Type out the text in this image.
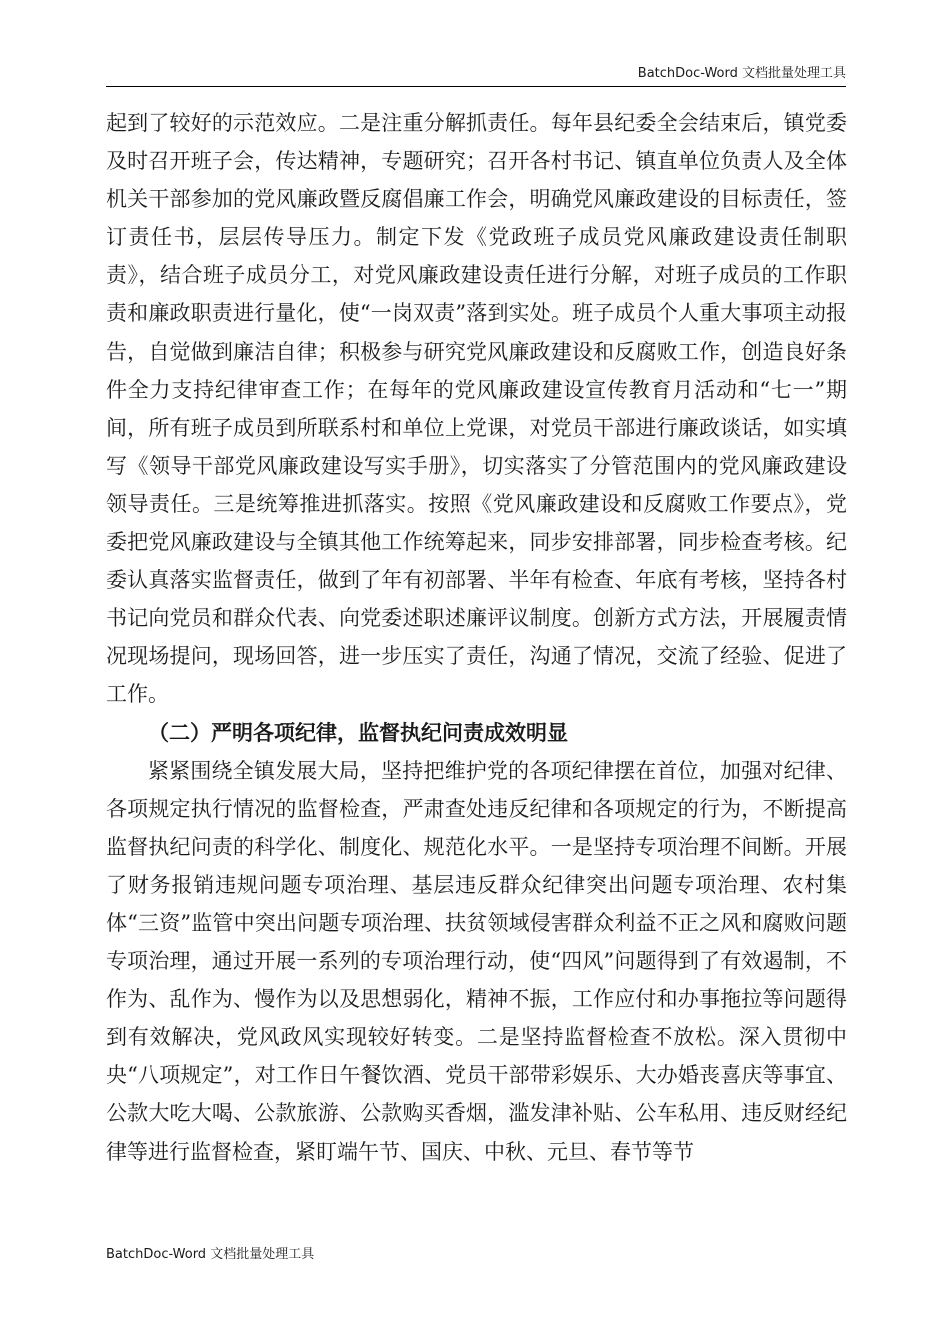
BatchDoc-Word 文档批量处理工具

起到了较好的示范效应。二是注重分解抓责任。每年县纪委全会结束后，镇党委及时召开班子会，传达精神，专题研究；召开各村书记、镇直单位负责人及全体机关干部参加的党风廉政暨反腐倡廉工作会，明确党风廉政建设的目标责任，签订责任书，层层传导压力。制定下发《党政班子成员党风廉政建设责任制职责》，结合班子成员分工，对党风廉政建设责任进行分解，对班子成员的工作职责和廉政职责进行量化，使“一岗双责”落到实处。班子成员个人重大事项主动报告，自觉做到廉洁自律；积极参与研究党风廉政建设和反腐败工作，创造良好条件全力支持纪律审查工作；在每年的党风廉政建设宣传教育月活动和“七一”期间，所有班子成员到所联系村和单位上党课，对党员干部进行廉政谈话，如实填写《领导干部党风廉政建设写实手册》，切实落实了分管范围内的党风廉政建设领导责任。三是统筹推进抓落实。按照《党风廉政建设和反腐败工作要点》，党委把党风廉政建设与全镇其他工作统筹起来，同步安排部署，同步检查考核。纪委认真落实监督责任，做到了年有初部署、半年有检查、年底有考核，坚持各村书记向党员和群众代表、向党委述职述廉评议制度。创新方式方法，开展履责情况现场提问，现场回答，进一步压实了责任，沟通了情况，交流了经验、促进了工作。

（二）严明各项纪律，监督执纪问责成效明显

紧紧围绕全镇发展大局，坚持把维护党的各项纪律摆在首位，加强对纪律、各项规定执行情况的监督检查，严肃查处违反纪律和各项规定的行为，不断提高监督执纪问责的科学化、制度化、规范化水平。一是坚持专项治理不间断。开展了财务报销违规问题专项治理、基层违反群众纪律突出问题专项治理、农村集体“三资”监管中突出问题专项治理、扶贫领域侵害群众利益不正之风和腐败问题专项治理，通过开展一系列的专项治理行动，使“四风”问题得到了有效遏制，不作为、乱作为、慢作为以及思想弱化，精神不振，工作应付和办事拖拉等问题得到有效解决，党风政风实现较好转变。二是坚持监督检查不放松。深入贯彻中央“八项规定”，对工作日午餐饮酒、党员干部带彩娱乐、大办婚丧喜庆等事宜、公款大吃大喝、公款旅游、公款购买香烟，滥发津补贴、公车私用、违反财经纪律等进行监督检查，紧盯端午节、国庆、中秋、元旦、春节等节

BatchDoc-Word 文档批量处理工具
